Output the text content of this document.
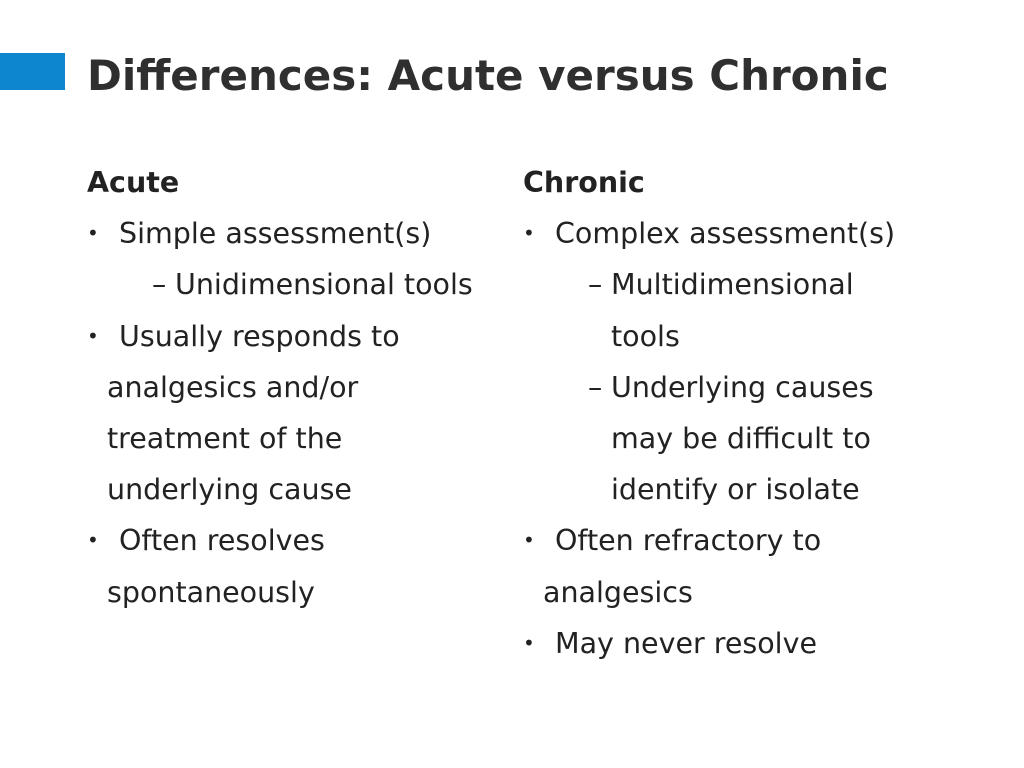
Differences: Acute versus Chronic
Acute
• Simple assessment(s)
– Unidimensional tools
• Usually responds to analgesics and/or treatment of the underlying cause
• Often resolves spontaneously
Chronic
• Complex assessment(s)
– Multidimensional tools
– Underlying causes may be difficult to identify or isolate
• Often refractory to analgesics
• May never resolve
